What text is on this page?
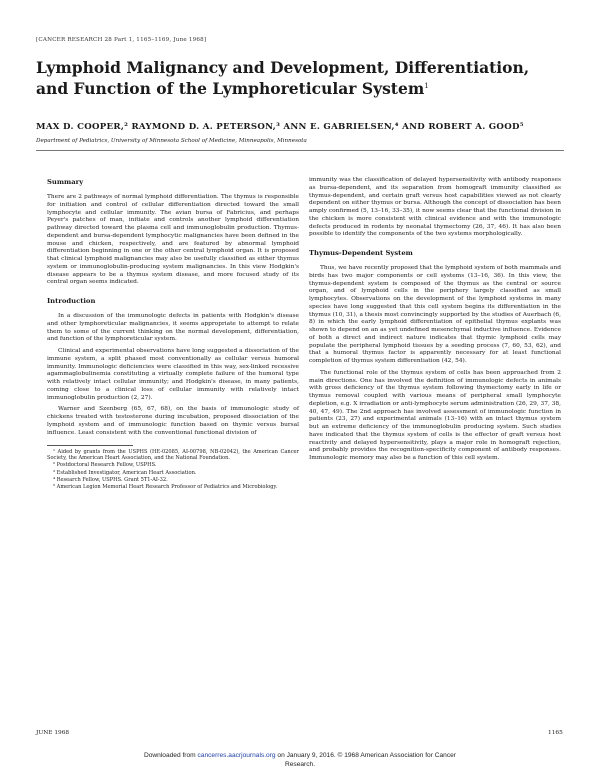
[CANCER RESEARCH 28 Part 1, 1165–1169, June 1968]
Lymphoid Malignancy and Development, Differentiation, and Function of the Lymphoreticular System$^1$
MAX D. COOPER,² RAYMOND D. A. PETERSON,³ ANN E. GABRIELSEN,⁴ AND ROBERT A. GOOD⁵
Department of Pediatrics, University of Minnesota School of Medicine, Minneapolis, Minnesota
Summary

There are 2 pathways of normal lymphoid differentiation. The thymus is responsible for initiation and control of cellular differentiation directed toward the small lymphocyte and cellular immunity. The avian bursa of Fabricius, and perhaps Peyer's patches of man, initiate and controls another lymphoid differentiation pathway directed toward the plasma cell and immunoglobulin production. Thymus-dependent and bursa-dependent lymphocytic malignancies have been defined in the mouse and chicken, respectively, and are featured by abnormal lymphoid differentiation beginning in one or the other central lymphoid organ. It is proposed that clinical lymphoid malignancies may also be usefully classified as either thymus system or immunoglobulin-producing system malignancies. In this view Hodgkin's disease appears to be a thymus system disease, and more focused study of its central organ seems indicated.

Introduction

In a discussion of the immunologic defects in patients with Hodgkin's disease and other lymphoreticular malignancies, it seems appropriate to attempt to relate them to some of the current thinking on the normal development, differentiation, and function of the lymphoreticular system.

Clinical and experimental observations have long suggested a dissociation of the immune system, a split phased most conventionally as cellular versus humoral immunity. Immunologic deficiencies were classified in this way, sex-linked recessive agammaglobulinemia constituting a virtually complete failure of the humoral type with relatively intact cellular immunity; and Hodgkin's disease, in many patients, coming close to a clinical loss of cellular immunity with relatively intact immunoglobulin production (2, 27).

Warner and Szenberg (65, 67, 68), on the basis of immunologic study of chickens treated with testosterone during incubation, proposed dissociation of the lymphoid system and of immunologic function based on thymic versus bursal influence. Least consistent with the conventional functional division of

¹ Aided by grants from the USPHS (HE-02085, AI-00798, NB-02042), the American Cancer Society, the American Heart Association, and the National Foundation.

² Postdoctoral Research Fellow, USPHS.

³ Established Investigator, American Heart Association.

⁴ Research Fellow, USPHS. Grant 5T1-AI-32.

⁵ American Legion Memorial Heart Research Professor of Pediatrics and Microbiology.

immunity was the classification of delayed hypersensitivity with antibody responses as bursa-dependent, and its separation from homograft immunity classified as thymus-dependent, and certain graft versus host capabilities viewed as not clearly dependent on either thymus or bursa. Although the concept of dissociation has been amply confirmed (5, 13–16, 33–35), it now seems clear that the functional division in the chicken is more consistent with clinical evidence and with the immunologic defects produced in rodents by neonatal thymectomy (26, 37, 46). It has also been possible to identify the components of the two systems morphologically.

Thymus-Dependent System

Thus, we have recently proposed that the lymphoid system of both mammals and birds has two major components or cell systems (13–16, 36). In this view, the thymus-dependent system is composed of the thymus as the central or source organ, and of lymphoid cells in the periphery largely classified as small lymphocytes. Observations on the development of the lymphoid systems in many species have long suggested that this cell system begins its differentiation in the thymus (10, 31), a thesis most convincingly supported by the studies of Auerbach (6, 8) in which the early lymphoid differentiation of epithelial thymus explants was shown to depend on an as yet undefined mesenchymal inductive influence. Evidence of both a direct and indirect nature indicates that thymic lymphoid cells may populate the peripheral lymphoid tissues by a seeding process (7, 60, 53, 62), and that a humoral thymus factor is apparently necessary for at least functional completion of thymus system differentiation (42, 54).

The functional role of the thymus system of cells has been approached from 2 main directions. One has involved the definition of immunologic defects in animals with gross deficiency of the thymus system following thymectomy early in life or thymus removal coupled with various means of peripheral small lymphocyte depletion, e.g. X irradiation or anti-lymphocyte serum administration (26, 29, 37, 38, 40, 47, 49). The 2nd approach has involved assessment of immunologic function in patients (23, 27) and experimental animals (13–16) with an intact thymus system but an extreme deficiency of the immunoglobulin producing system. Such studies have indicated that the thymus system of cells is the effector of graft versus host reactivity and delayed hypersensitivity, plays a major role in homograft rejection, and probably provides the recognition-specificity component of antibody responses. Immunologic memory may also be a function of this cell system.

JUNE 1968	1165
Downloaded from cancerres.aacrjournals.org on January 9, 2016. © 1968 American Association for Cancer
Research.
